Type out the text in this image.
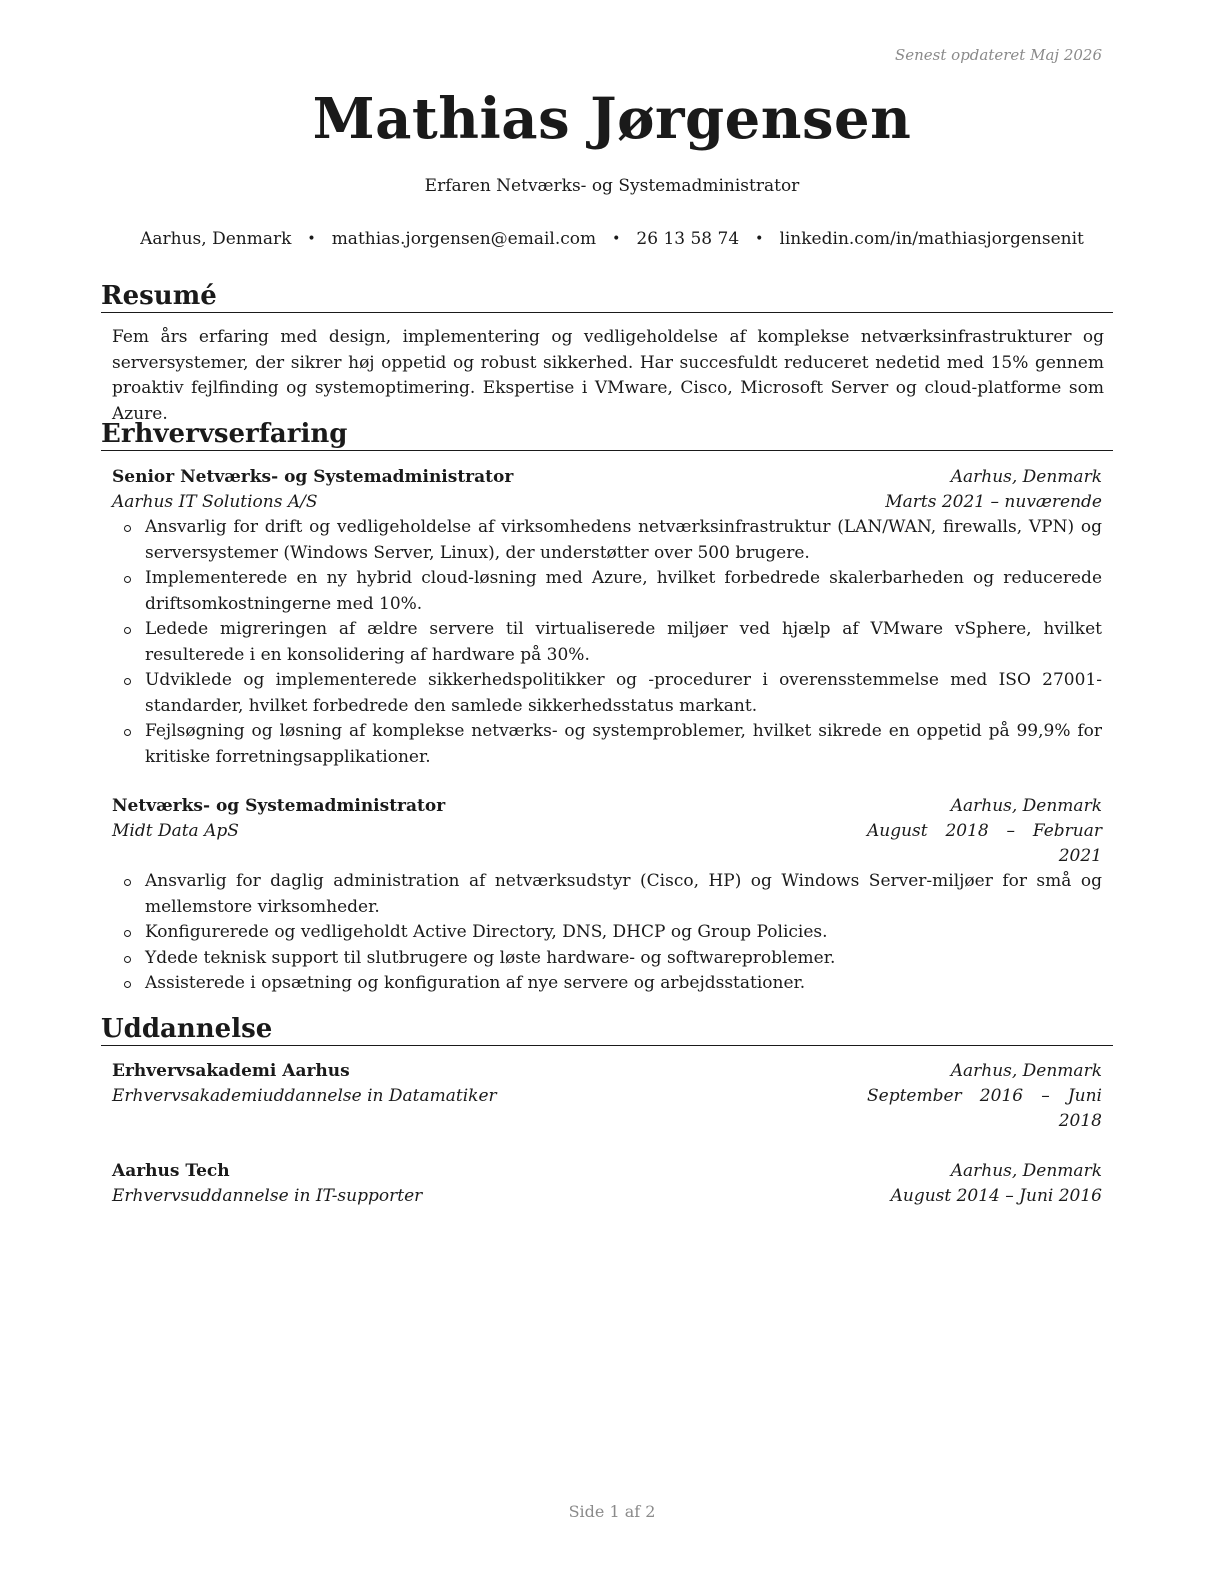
Senest opdateret Maj 2026
Mathias Jørgensen
Erfaren Netværks- og Systemadministrator
Aarhus, Denmark • mathias.jorgensen@email.com • 26 13 58 74 • linkedin.com/in/mathiasjorgensenit
Resumé

Fem års erfaring med design, implementering og vedligeholdelse af komplekse netværksinfrastrukturer og serversystemer, der sikrer høj oppetid og robust sikkerhed. Har succesfuldt reduceret nedetid med 15% gennem proaktiv fejlfinding og systemoptimering. Ekspertise i VMware, Cisco, Microsoft Server og cloud-platforme som Azure.

Erhvervserfaring
Senior Netværks- og Systemadministrator	Aarhus, Denmark
Aarhus IT Solutions A/S	Marts 2021 – nuværende
Ansvarlig for drift og vedligeholdelse af virksomhedens netværksinfrastruktur (LAN/WAN, firewalls, VPN) og serversystemer (Windows Server, Linux), der understøtter over 500 brugere.
Implementerede en ny hybrid cloud-løsning med Azure, hvilket forbedrede skalerbarheden og reducerede driftsomkostningerne med 10%.
Ledede migreringen af ældre servere til virtualiserede miljøer ved hjælp af VMware vSphere, hvilket resulterede i en konsolidering af hardware på 30%.
Udviklede og implementerede sikkerhedspolitikker og -procedurer i overensstemmelse med ISO 27001-standarder, hvilket forbedrede den samlede sikkerhedsstatus markant.
Fejlsøgning og løsning af komplekse netværks- og systemproblemer, hvilket sikrede en oppetid på 99,9% for kritiske forretningsapplikationer.
Netværks- og Systemadministrator	Aarhus, Denmark
Midt Data ApS	August 2018 – Februar 2021
Ansvarlig for daglig administration af netværksudstyr (Cisco, HP) og Windows Server-miljøer for små og mellemstore virksomheder.
Konfigurerede og vedligeholdt Active Directory, DNS, DHCP og Group Policies.
Ydede teknisk support til slutbrugere og løste hardware- og softwareproblemer.
Assisterede i opsætning og konfiguration af nye servere og arbejdsstationer.
Uddannelse
Erhvervsakademi Aarhus	Aarhus, Denmark
Erhvervsakademiuddannelse in Datamatiker	September 2016 – Juni 2018
Aarhus Tech	Aarhus, Denmark
Erhvervsuddannelse in IT-supporter	August 2014 – Juni 2016
Side 1 af 2
